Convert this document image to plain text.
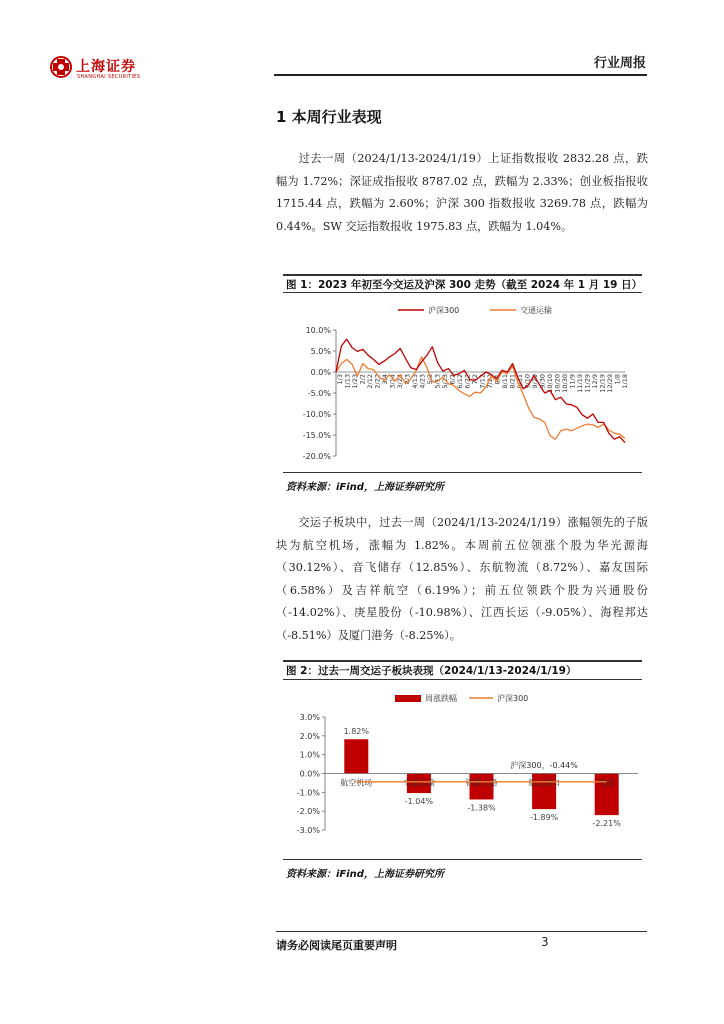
上海证券
SHANGHAI SECURITIES
行业周报
1 本周行业表现

过去一周（2024/1/13-2024/1/19）上证指数报收 2832.28 点，跌幅为 1.72%；深证成指报收 8787.02 点，跌幅为 2.33%；创业板指报收 1715.44 点，跌幅为 2.60%；沪深 300 指数报收 3269.78 点，跌幅为 0.44%。SW 交运指数报收 1975.83 点，跌幅为 1.04%。

图 1：2023 年初至今交运及沪深 300 走势（截至 2024 年 1 月 19 日）
沪深300	交通运输
10.0%
5.0%
0.0%
-5.0%
-10.0%
-15.0%
-20.0%
1/3 1/13 1/23 2/2 2/12 2/22 3/4 3/14 3/24 4/3 4/13 4/23 5/3 5/13 5/23 6/2 6/12 6/22 7/2 7/12 7/22 8/1 8/11 8/21 8/31 9/10 9/20 9/30 10/10 10/20 10/30 11/9 11/19 11/29 12/9 12/19 12/29 1/8 1/18
资料来源：iFind，上海证券研究所

交运子板块中，过去一周（2024/1/13-2024/1/19）涨幅领先的子版块为航空机场，涨幅为 1.82%。本周前五位领涨个股为华光源海（30.12%）、音飞储存（12.85%）、东航物流（8.72%）、嘉友国际（6.58%）及吉祥航空（6.19%）；前五位领跌个股为兴通股份（-14.02%）、庚星股份（-10.98%）、江西长运（-9.05%）、海程邦达（-8.51%）及厦门港务（-8.25%）。

图 2：过去一周交运子板块表现（2024/1/13-2024/1/19）
周涨跌幅	沪深300
3.0%
2.0%
1.0%
0.0%
-1.0%
-2.0%
-3.0%
1.82%
-1.04%
-1.38%
-1.89%
-2.21%
航空机场	交通运输	铁路公路	航运港口	物流
沪深300，-0.44%
资料来源：iFind，上海证券研究所
请务必阅读尾页重要声明	3
